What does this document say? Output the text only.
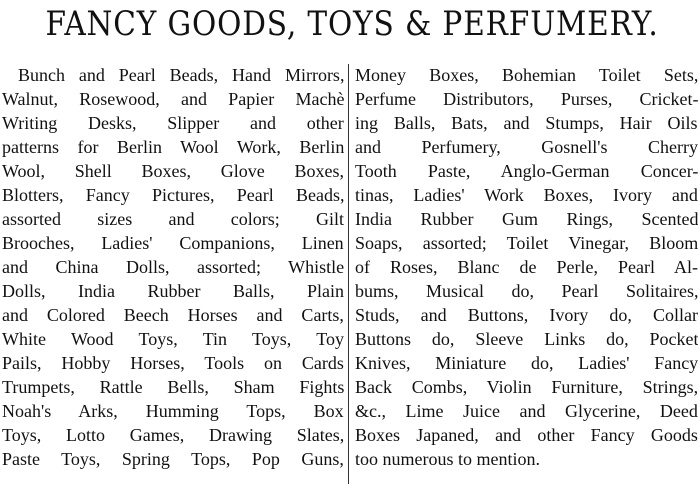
FANCY GOODS, TOYS & PERFUMERY.
Bunch and Pearl Beads, Hand Mirrors,
Walnut, Rosewood, and Papier Machè
Writing Desks, Slipper and other
patterns for Berlin Wool Work, Berlin
Wool, Shell Boxes, Glove Boxes,
Blotters, Fancy Pictures, Pearl Beads,
assorted sizes and colors; Gilt
Brooches, Ladies' Companions, Linen
and China Dolls, assorted; Whistle
Dolls, India Rubber Balls, Plain
and Colored Beech Horses and Carts,
White Wood Toys, Tin Toys, Toy
Pails, Hobby Horses, Tools on Cards
Trumpets, Rattle Bells, Sham Fights
Noah's Arks, Humming Tops, Box
Toys, Lotto Games, Drawing Slates,
Paste Toys, Spring Tops, Pop Guns,
Money Boxes, Bohemian Toilet Sets,
Perfume Distributors, Purses, Cricket-
ing Balls, Bats, and Stumps, Hair Oils
and Perfumery, Gosnell's Cherry
Tooth Paste, Anglo-German Concer-
tinas, Ladies' Work Boxes, Ivory and
India Rubber Gum Rings, Scented
Soaps, assorted; Toilet Vinegar, Bloom
of Roses, Blanc de Perle, Pearl Al-
bums, Musical do, Pearl Solitaires,
Studs, and Buttons, Ivory do, Collar
Buttons do, Sleeve Links do, Pocket
Knives, Miniature do, Ladies' Fancy
Back Combs, Violin Furniture, Strings,
&c., Lime Juice and Glycerine, Deed
Boxes Japaned, and other Fancy Goods
too numerous to mention.
